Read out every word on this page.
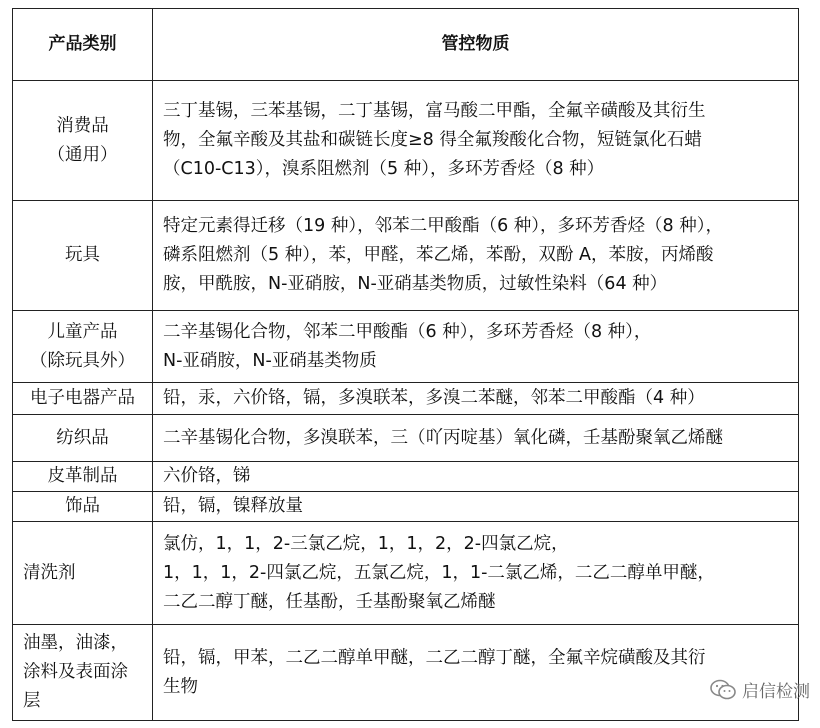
产品类别	管控物质

消费品
（通用）	三丁基锡，三苯基锡，二丁基锡，富马酸二甲酯，全氟辛磺酸及其衍生
物，全氟辛酸及其盐和碳链长度≥8 得全氟羧酸化合物，短链氯化石蜡
（C10-C13），溴系阻燃剂（5 种），多环芳香烃（8 种）

玩具	特定元素得迁移（19 种），邻苯二甲酸酯（6 种），多环芳香烃（8 种），
磷系阻燃剂（5 种），苯，甲醛，苯乙烯，苯酚，双酚 A，苯胺，丙烯酸
胺，甲酰胺，N-亚硝胺，N-亚硝基类物质，过敏性染料（64 种）

儿童产品
（除玩具外）	二辛基锡化合物，邻苯二甲酸酯（6 种），多环芳香烃（8 种），
N-亚硝胺，N-亚硝基类物质

电子电器产品	铅，汞，六价铬，镉，多溴联苯，多溴二苯醚，邻苯二甲酸酯（4 种）

纺织品	二辛基锡化合物，多溴联苯，三（吖丙啶基）氧化磷，壬基酚聚氧乙烯醚

皮革制品	六价铬，锑

饰品	铅，镉，镍释放量

清洗剂	氯仿，1，1，2-三氯乙烷，1，1，2，2-四氯乙烷，
1，1，1，2-四氯乙烷，五氯乙烷，1，1-二氯乙烯，二乙二醇单甲醚，
二乙二醇丁醚，任基酚，壬基酚聚氧乙烯醚

油墨，油漆，
涂料及表面涂
层	铅，镉，甲苯，二乙二醇单甲醚，二乙二醇丁醚，全氟辛烷磺酸及其衍
生物	启信检测
